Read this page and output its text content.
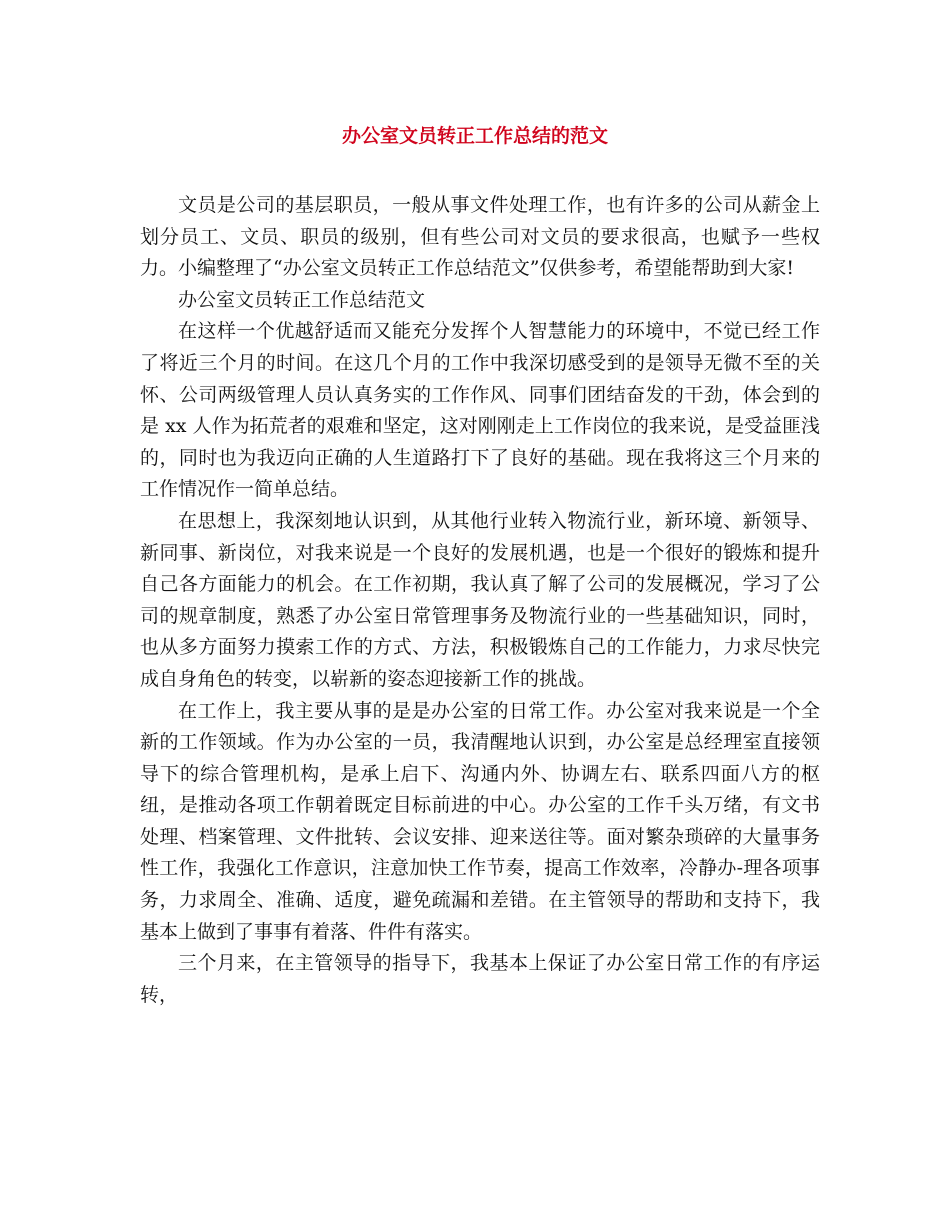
办公室文员转正工作总结的范文

文员是公司的基层职员，一般从事文件处理工作，也有许多的公司从薪金上划分员工、文员、职员的级别，但有些公司对文员的要求很高，也赋予一些权力。小编整理了“办公室文员转正工作总结范文”仅供参考，希望能帮助到大家!

办公室文员转正工作总结范文

在这样一个优越舒适而又能充分发挥个人智慧能力的环境中，不觉已经工作了将近三个月的时间。在这几个月的工作中我深切感受到的是领导无微不至的关怀、公司两级管理人员认真务实的工作作风、同事们团结奋发的干劲，体会到的是 xx 人作为拓荒者的艰难和坚定，这对刚刚走上工作岗位的我来说，是受益匪浅的，同时也为我迈向正确的人生道路打下了良好的基础。现在我将这三个月来的工作情况作一简单总结。

在思想上，我深刻地认识到，从其他行业转入物流行业，新环境、新领导、新同事、新岗位，对我来说是一个良好的发展机遇，也是一个很好的锻炼和提升自己各方面能力的机会。在工作初期，我认真了解了公司的发展概况，学习了公司的规章制度，熟悉了办公室日常管理事务及物流行业的一些基础知识，同时，也从多方面努力摸索工作的方式、方法，积极锻炼自己的工作能力，力求尽快完成自身角色的转变，以崭新的姿态迎接新工作的挑战。

在工作上，我主要从事的是是办公室的日常工作。办公室对我来说是一个全新的工作领域。作为办公室的一员，我清醒地认识到，办公室是总经理室直接领导下的综合管理机构，是承上启下、沟通内外、协调左右、联系四面八方的枢纽，是推动各项工作朝着既定目标前进的中心。办公室的工作千头万绪，有文书处理、档案管理、文件批转、会议安排、迎来送往等。面对繁杂琐碎的大量事务性工作，我强化工作意识，注意加快工作节奏，提高工作效率，冷静办-理各项事务，力求周全、准确、适度，避免疏漏和差错。在主管领导的帮助和支持下，我基本上做到了事事有着落、件件有落实。

三个月来，在主管领导的指导下，我基本上保证了办公室日常工作的有序运转，
